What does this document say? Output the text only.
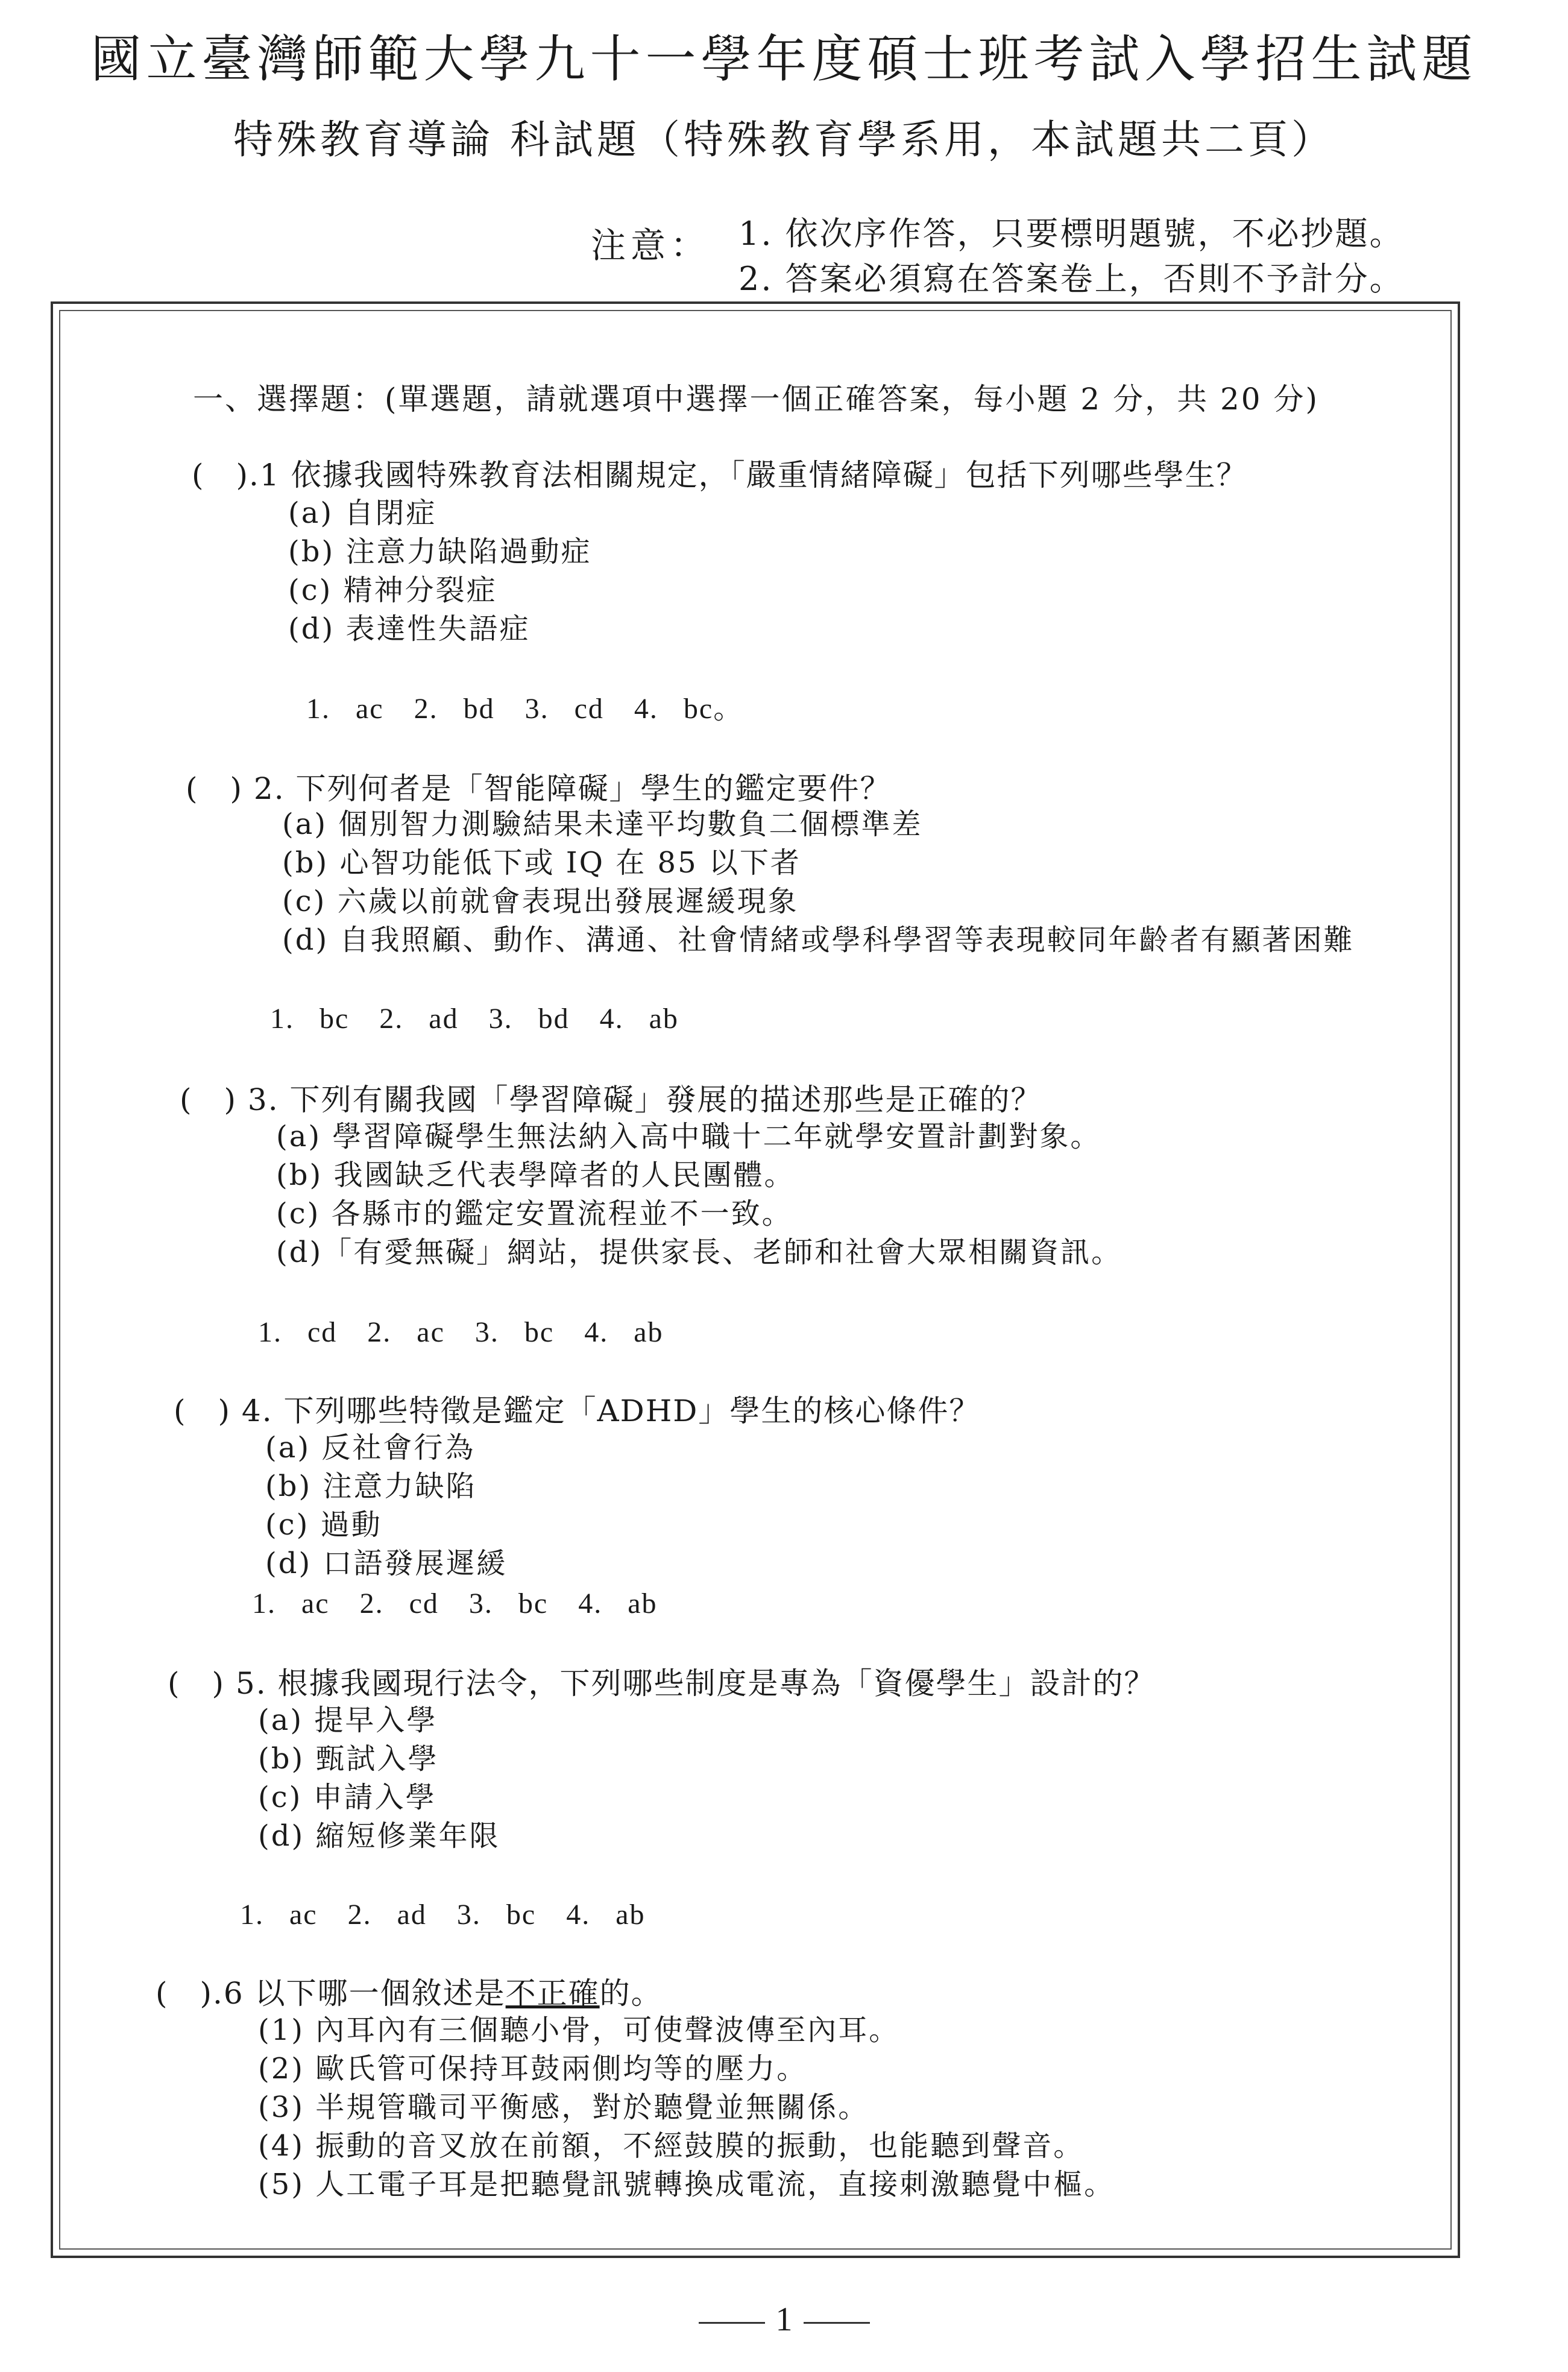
國立臺灣師範大學九十一學年度碩士班考試入學招生試題
特殊教育導論 科試題（特殊教育學系用，本試題共二頁）
注意： 1. 依次序作答，只要標明題號，不必抄題。
2. 答案必須寫在答案卷上，否則不予計分。
一、選擇題：(單選題，請就選項中選擇一個正確答案，每小題 2 分，共 20 分)
(　).1 依據我國特殊教育法相關規定，「嚴重情緒障礙」包括下列哪些學生？
(a) 自閉症
(b) 注意力缺陷過動症
(c) 精神分裂症
(d) 表達性失語症
1. ac　2. bd　3. cd　4. bc。
(　) 2. 下列何者是「智能障礙」學生的鑑定要件？
(a) 個別智力測驗結果未達平均數負二個標準差
(b) 心智功能低下或 IQ 在 85 以下者
(c) 六歲以前就會表現出發展遲緩現象
(d) 自我照顧、動作、溝通、社會情緒或學科學習等表現較同年齡者有顯著困難
1. bc　2. ad　3. bd　4. ab
(　) 3. 下列有關我國「學習障礙」發展的描述那些是正確的？
(a) 學習障礙學生無法納入高中職十二年就學安置計劃對象。
(b) 我國缺乏代表學障者的人民團體。
(c) 各縣市的鑑定安置流程並不一致。
(d)「有愛無礙」網站，提供家長、老師和社會大眾相關資訊。
1. cd　2. ac　3. bc　4. ab
(　) 4. 下列哪些特徵是鑑定「ADHD」學生的核心條件？
(a) 反社會行為
(b) 注意力缺陷
(c) 過動
(d) 口語發展遲緩
1. ac　2. cd　3. bc　4. ab
(　) 5. 根據我國現行法令，下列哪些制度是專為「資優學生」設計的？
(a) 提早入學
(b) 甄試入學
(c) 申請入學
(d) 縮短修業年限
1. ac　2. ad　3. bc　4. ab
(　).6 以下哪一個敘述是不正確的。
(1) 內耳內有三個聽小骨，可使聲波傳至內耳。
(2) 歐氏管可保持耳鼓兩側均等的壓力。
(3) 半規管職司平衡感，對於聽覺並無關係。
(4) 振動的音叉放在前額，不經鼓膜的振動，也能聽到聲音。
(5) 人工電子耳是把聽覺訊號轉換成電流，直接刺激聽覺中樞。
1
